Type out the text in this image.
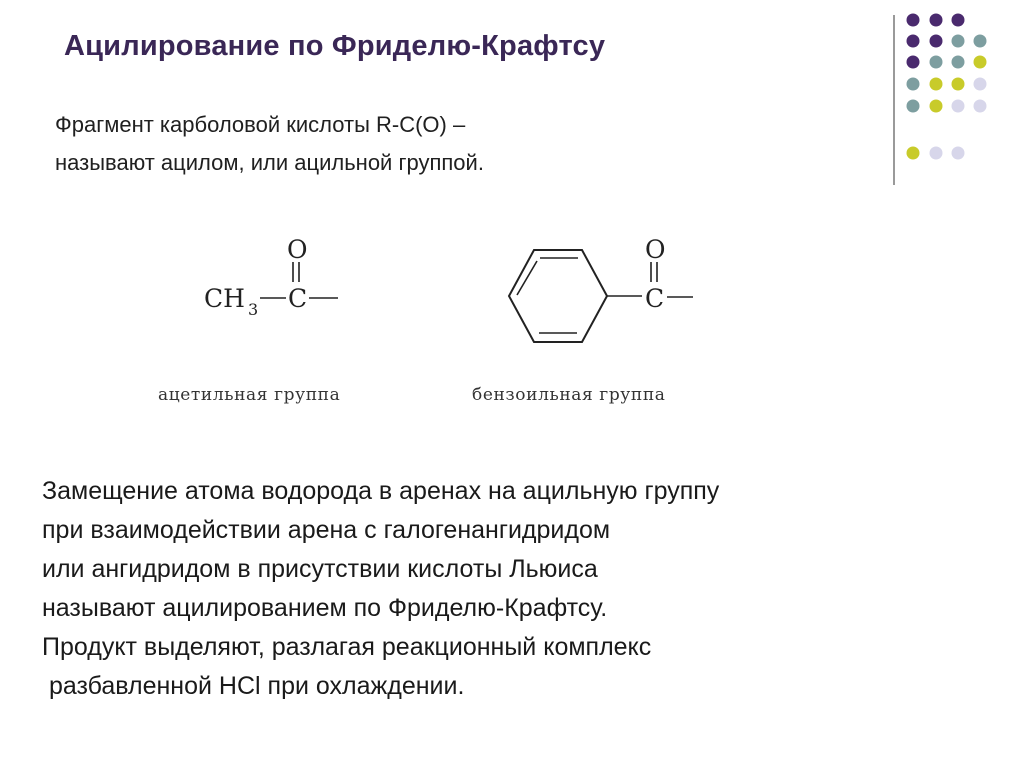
Ацилирование по Фриделю-Крафтсу
Фрагмент карболовой кислоты R-C(O) –
называют ацилом, или ацильной группой.
O
CH 3 C
O
C
ацетильная группа	бензоильная группа
Замещение атома водорода в аренах на ацильную группу
при взаимодействии арена с галогенангидридом
или ангидридом в присутствии кислоты Льюиса
называют ацилированием по Фриделю-Крафтсу.
Продукт выделяют, разлагая реакционный комплекс
разбавленной HCl при охлаждении.
